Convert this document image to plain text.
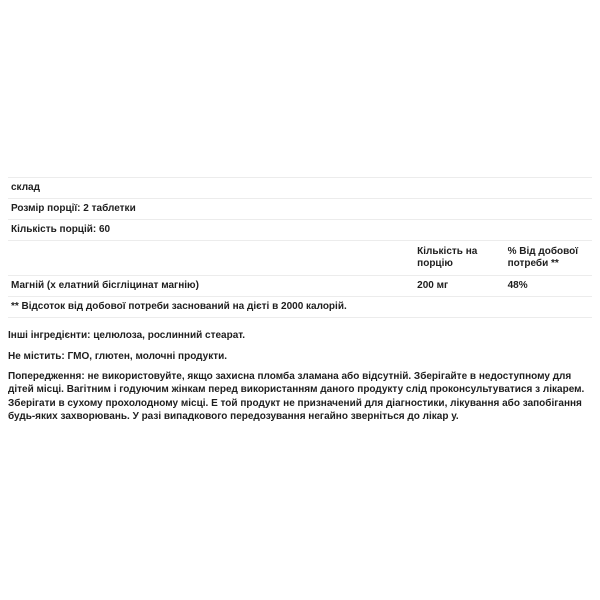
склад		
Розмір порції: 2 таблетки		
Кількість порцій: 60		
	Кількість на порцію	% Від добової потреби **
Магній (х елатний бісгліцинат магнію)	200 мг	48%
** Відсоток від добової потреби заснований на дієті в 2000 калорій.		

Інші інгредієнти: целюлоза, рослинний стеарат.

Не містить: ГМО, глютен, молочні продукти.

Попередження: не використовуйте, якщо захисна пломба зламана або відсутній. Зберігайте в недоступному для дітей місці. Вагітним і годуючим жінкам перед використанням даного продукту слід проконсультуватися з лікарем. Зберігати в сухому прохолодному місці. Е той продукт не призначений для діагностики, лікування або запобігання будь-яких захворювань. У разі випадкового передозування негайно зверніться до лікар у.
